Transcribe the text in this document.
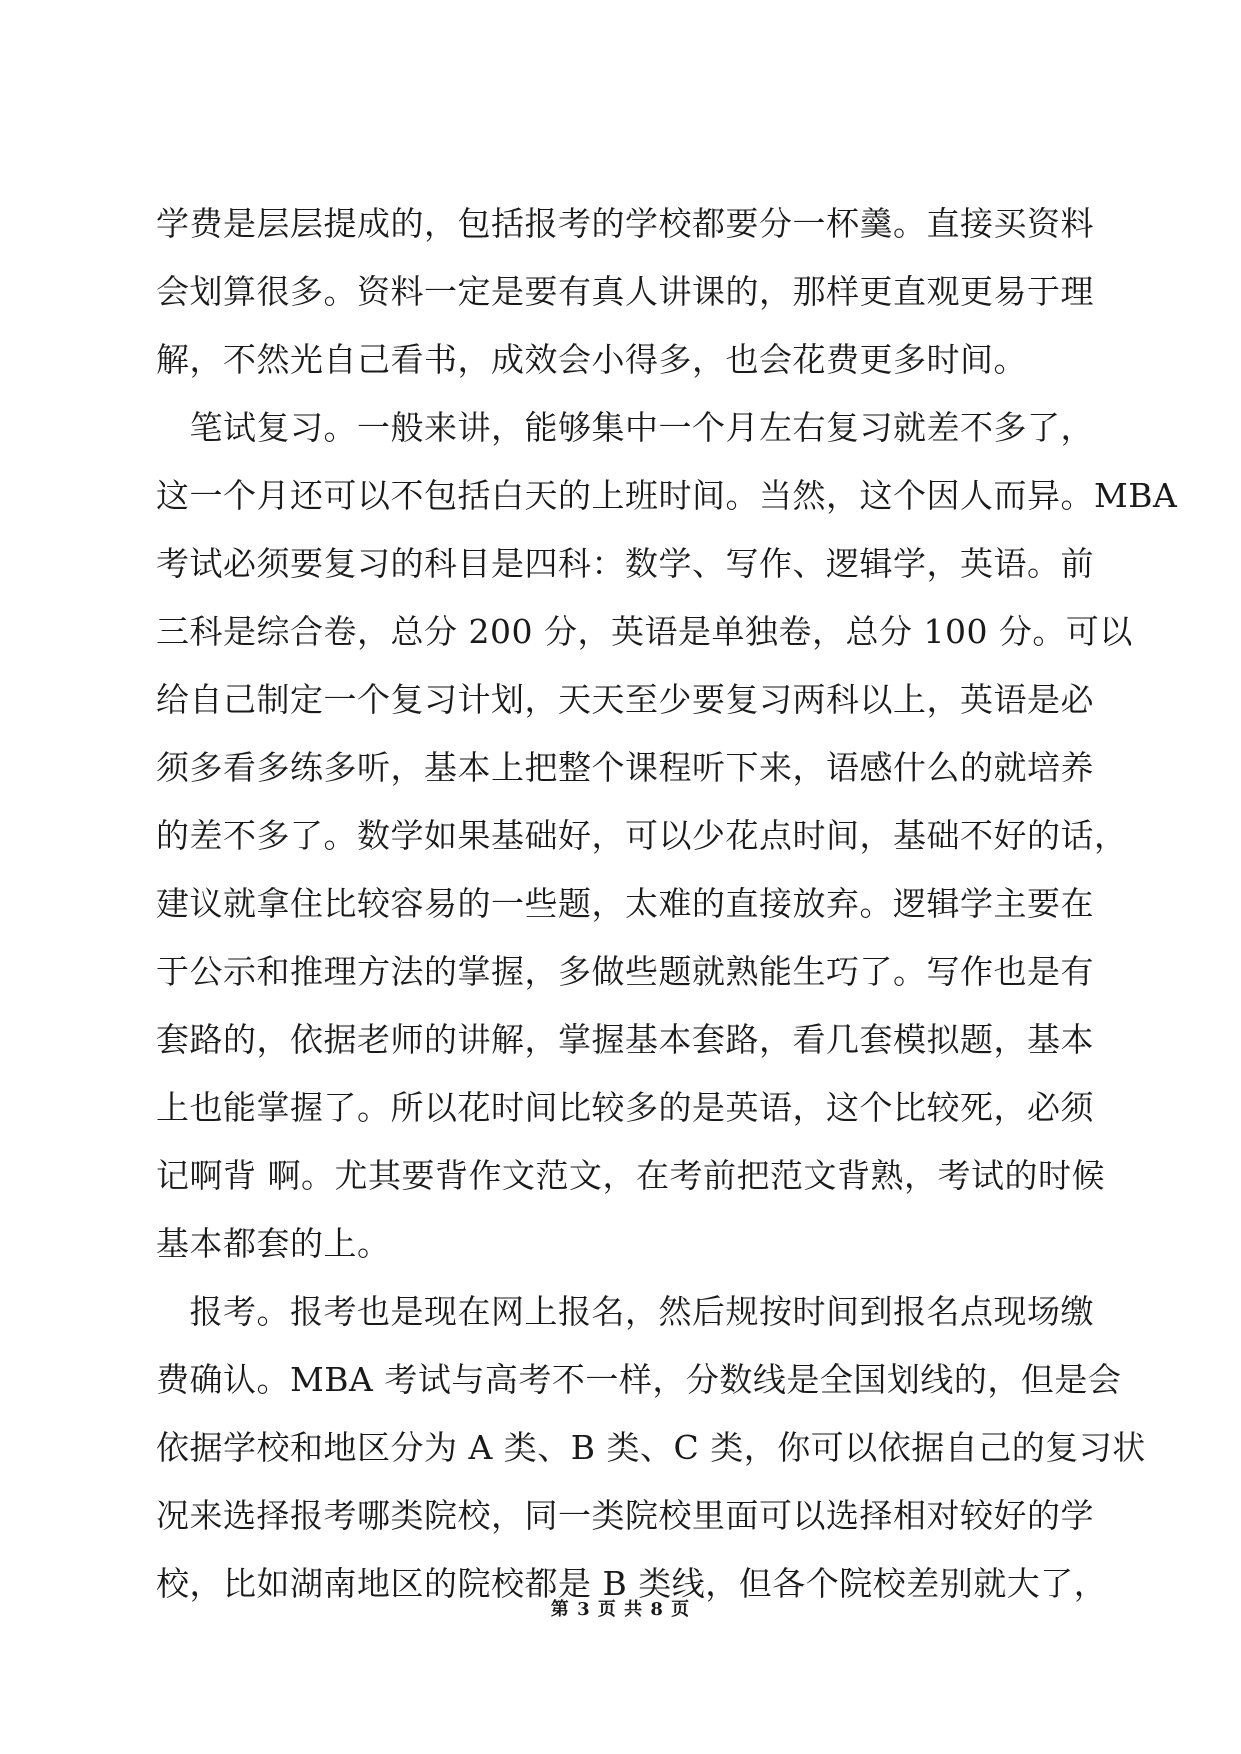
学费是层层提成的，包括报考的学校都要分一杯羹。直接买资料
会划算很多。资料一定是要有真人讲课的，那样更直观更易于理
解，不然光自己看书，成效会小得多，也会花费更多时间。
　笔试复习。一般来讲，能够集中一个月左右复习就差不多了，
这一个月还可以不包括白天的上班时间。当然，这个因人而异。MBA
考试必须要复习的科目是四科：数学、写作、逻辑学，英语。前
三科是综合卷，总分 200 分，英语是单独卷，总分 100 分。可以
给自己制定一个复习计划，天天至少要复习两科以上，英语是必
须多看多练多听，基本上把整个课程听下来，语感什么的就培养
的差不多了。数学如果基础好，可以少花点时间，基础不好的话，
建议就拿住比较容易的一些题，太难的直接放弃。逻辑学主要在
于公示和推理方法的掌握，多做些题就熟能生巧了。写作也是有
套路的，依据老师的讲解，掌握基本套路，看几套模拟题，基本
上也能掌握了。所以花时间比较多的是英语，这个比较死，必须
记啊背 啊。尤其要背作文范文，在考前把范文背熟，考试的时候
基本都套的上。
　报考。报考也是现在网上报名，然后规按时间到报名点现场缴
费确认。MBA 考试与高考不一样，分数线是全国划线的，但是会
依据学校和地区分为 A 类、B 类、C 类，你可以依据自己的复习状
况来选择报考哪类院校，同一类院校里面可以选择相对较好的学
校，比如湖南地区的院校都是 B 类线，但各个院校差别就大了，
第 3 页 共 8 页
